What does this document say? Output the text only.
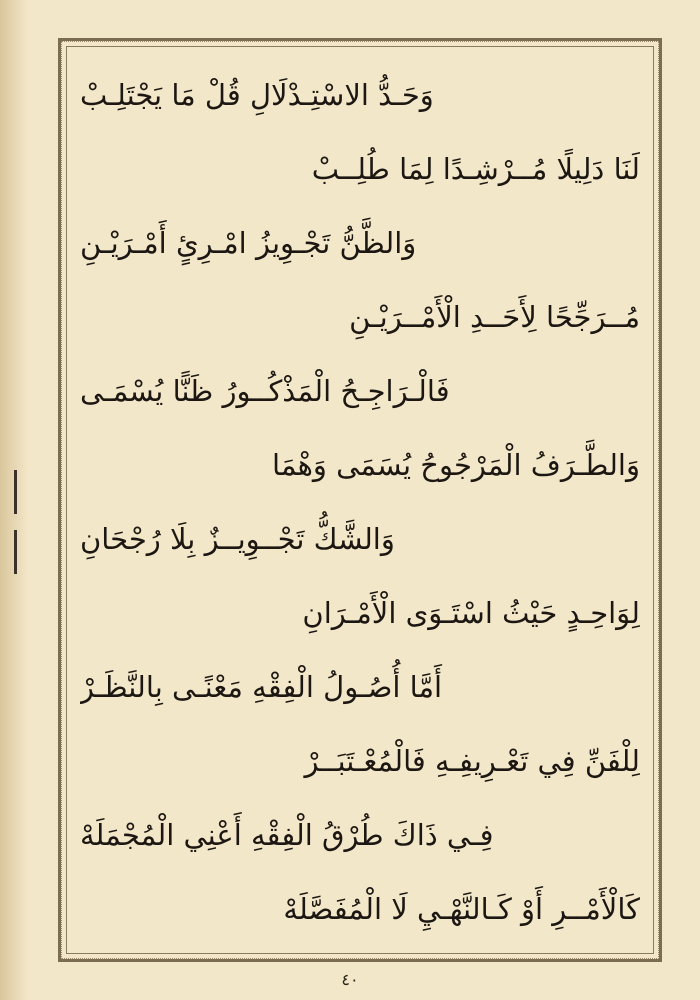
وَحَـدُّ الاسْتِـدْلَالِ قُلْ مَا يَجْتَلِـبْ
لَنَا دَلِيلًا مُــرْشِـدًا لِمَا طُلِــبْ
وَالظَّنُّ تَجْـوِيزُ امْـرِئٍ أَمْـرَيْـنِ
مُــرَجِّحًا لِأَحَــدِ الْأَمْــرَيْـنِ
فَالْـرَاجِـحُ الْمَذْكُــورُ ظَنًّا يُسْمَـى
وَالطَّـرَفُ الْمَرْجُوحُ يُسَمَى وَهْمَا
وَالشَّكُّ تَجْــوِيــزٌ بِلَا رُجْحَانِ
لِوَاحِـدٍ حَيْثُ اسْتَـوَى الْأَمْـرَانِ
أَمَّا أُصُـولُ الْفِقْهِ مَعْنًـى بِالنَّظَـرْ
لِلْفَنِّ فِي تَعْـرِيفِـهِ فَالْمُعْـتَبَــرْ
فِـي ذَاكَ طُرْقُ الْفِقْهِ أَعْنِي الْمُجْمَلَهْ
كَالْأَمْــرِ أَوْ كَـالنَّهْـيِ لَا الْمُفَصَّلَهْ
٤٠
